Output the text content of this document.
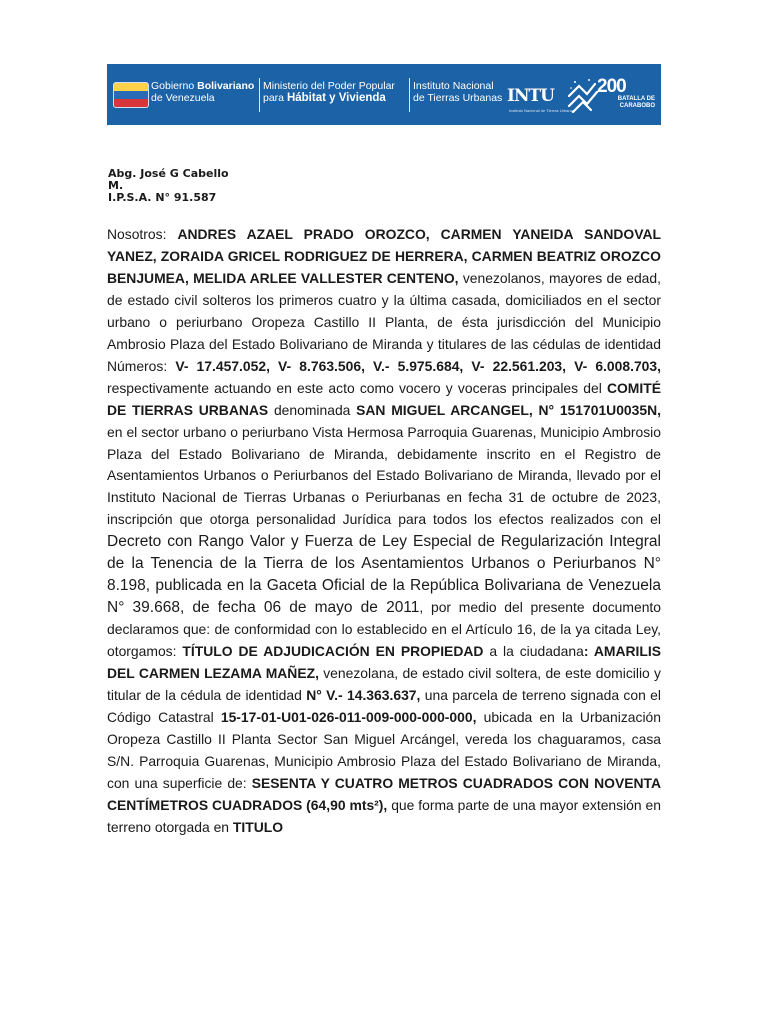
Gobierno Bolivariano
de Venezuela
Ministerio del Poder Popular
para Hábitat y Vivienda
Instituto Nacional
de Tierras Urbanas INTU
Instituto Nacional de Tierras Urbanas
200
BATALLA DE
CARABOBO
Abg. José G Cabello
M.
I.P.S.A. N° 91.587
Nosotros: ANDRES AZAEL PRADO OROZCO, CARMEN YANEIDA SANDOVAL YANEZ, ZORAIDA GRICEL RODRIGUEZ DE HERRERA, CARMEN BEATRIZ OROZCO BENJUMEA, MELIDA ARLEE VALLESTER CENTENO, venezolanos, mayores de edad, de estado civil solteros los primeros cuatro y la última casada, domiciliados en el sector urbano o periurbano Oropeza Castillo II Planta, de ésta jurisdicción del Municipio Ambrosio Plaza del Estado Bolivariano de Miranda y titulares de las cédulas de identidad Números: V- 17.457.052, V- 8.763.506, V.- 5.975.684, V- 22.561.203, V- 6.008.703, respectivamente actuando en este acto como vocero y voceras principales del COMITÉ DE TIERRAS URBANAS denominada SAN MIGUEL ARCANGEL, N° 151701U0035N, en el sector urbano o periurbano Vista Hermosa Parroquia Guarenas, Municipio Ambrosio Plaza del Estado Bolivariano de Miranda, debidamente inscrito en el Registro de Asentamientos Urbanos o Periurbanos del Estado Bolivariano de Miranda, llevado por el Instituto Nacional de Tierras Urbanas o Periurbanas en fecha 31 de octubre de 2023, inscripción que otorga personalidad Jurídica para todos los efectos realizados con el Decreto con Rango Valor y Fuerza de Ley Especial de Regularización Integral de la Tenencia de la Tierra de los Asentamientos Urbanos o Periurbanos N° 8.198, publicada en la Gaceta Oficial de la República Bolivariana de Venezuela N° 39.668, de fecha 06 de mayo de 2011, por medio del presente documento declaramos que: de conformidad con lo establecido en el Artículo 16, de la ya citada Ley, otorgamos: TÍTULO DE ADJUDICACIÓN EN PROPIEDAD a la ciudadana: AMARILIS DEL CARMEN LEZAMA MAÑEZ, venezolana, de estado civil soltera, de este domicilio y titular de la cédula de identidad N° V.- 14.363.637, una parcela de terreno signada con el Código Catastral 15-17-01-U01-026-011-009-000-000-000, ubicada en la Urbanización Oropeza Castillo II Planta Sector San Miguel Arcángel, vereda los chaguaramos, casa S/N. Parroquia Guarenas, Municipio Ambrosio Plaza del Estado Bolivariano de Miranda, con una superficie de: SESENTA Y CUATRO METROS CUADRADOS CON NOVENTA CENTÍMETROS CUADRADOS (64,90 mts²), que forma parte de una mayor extensión en terreno otorgada en TITULO
